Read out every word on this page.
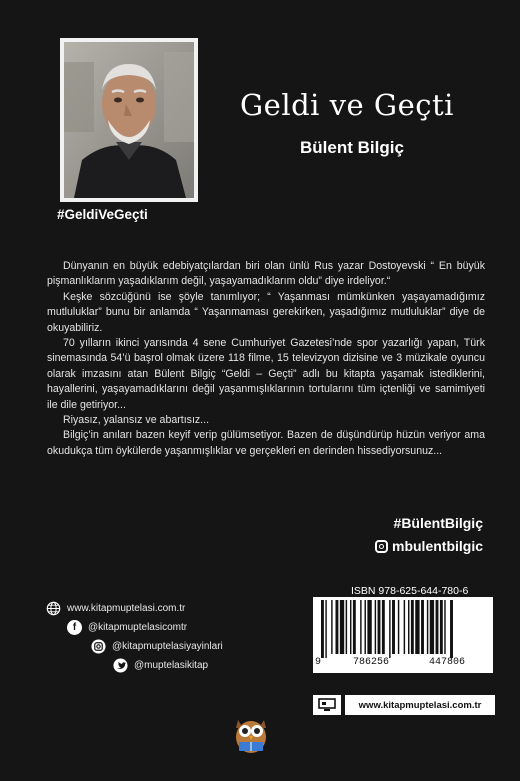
#GeldiVeGeçti
Geldi ve Geçti
Bülent Bilgiç

Dünyanın en büyük edebiyatçılardan biri olan ünlü Rus yazar Dostoyevski “ En büyük pişmanlıklarım yaşadıklarım değil, yaşayamadıklarım oldu” diye irdeliyor.“

Keşke sözcüğünü ise şöyle tanımlıyor; “ Yaşanması mümkünken yaşayamadığımız mutluluklar” bunu bir anlamda “ Yaşanmaması gerekirken, yaşadığımız mutluluklar” diye de okuyabiliriz.

70 yılların ikinci yarısında 4 sene Cumhuriyet Gazetesi’nde spor yazarlığı yapan, Türk sinemasında 54’ü başrol olmak üzere 118 filme, 15 televizyon dizisine ve 3 müzikale oyuncu olarak imzasını atan Bülent Bilgiç “Geldi – Geçti” adlı bu kitapta yaşamak istediklerini, hayallerini, yaşayamadıklarını değil yaşanmışlıklarının tortularını tüm içtenliği ve samimiyeti ile dile getiriyor...

Riyasız, yalansız ve abartısız...

Bilgiç’in anıları bazen keyif verip gülümsetiyor. Bazen de düşündürüp hüzün veriyor ama okudukça tüm öykülerde yaşanmışlıklar ve gerçekleri en derinden hissediyorsunuz...

#BülentBilgiç
mbulentbilgic
www.kitapmuptelasi.com.tr
f	@kitapmuptelasicomtr
@kitapmuptelasiyayinlari
@muptelasikitap
ISBN 978-625-644-780-6
9	786256	447806
www.kitapmuptelasi.com.tr
